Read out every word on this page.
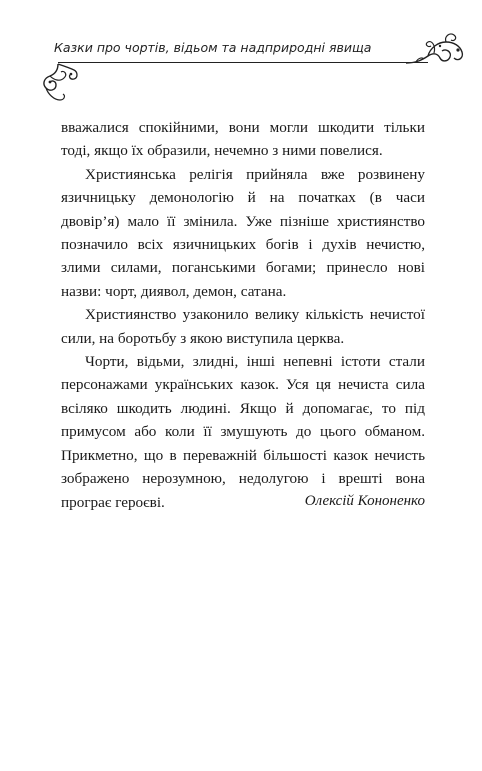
Казки про чортів, відьом та надприродні явища

вважалися спокійними, вони могли шкодити тільки тоді, якщо їх образили, нечемно з ними повелися.

Християнська релігія прийняла вже розвинену язичницьку демонологію й на початках (в часи двовір’я) мало її змінила. Уже пізніше християнство позначило всіх язичницьких богів і духів нечистю, злими силами, поганськими богами; принесло нові назви: чорт, диявол, демон, сатана.

Християнство узаконило велику кількість нечистої сили, на боротьбу з якою виступила церква.

Чорти, відьми, злидні, інші непевні істоти стали персонажами українських казок. Уся ця нечиста сила всіляко шкодить людині. Якщо й допомагає, то під примусом або коли її змушують до цього обманом. Прикметно, що в переважній більшості казок нечисть зображено нерозумною, недолугою і врешті вона програє героєві.	Олексій Кононенко
